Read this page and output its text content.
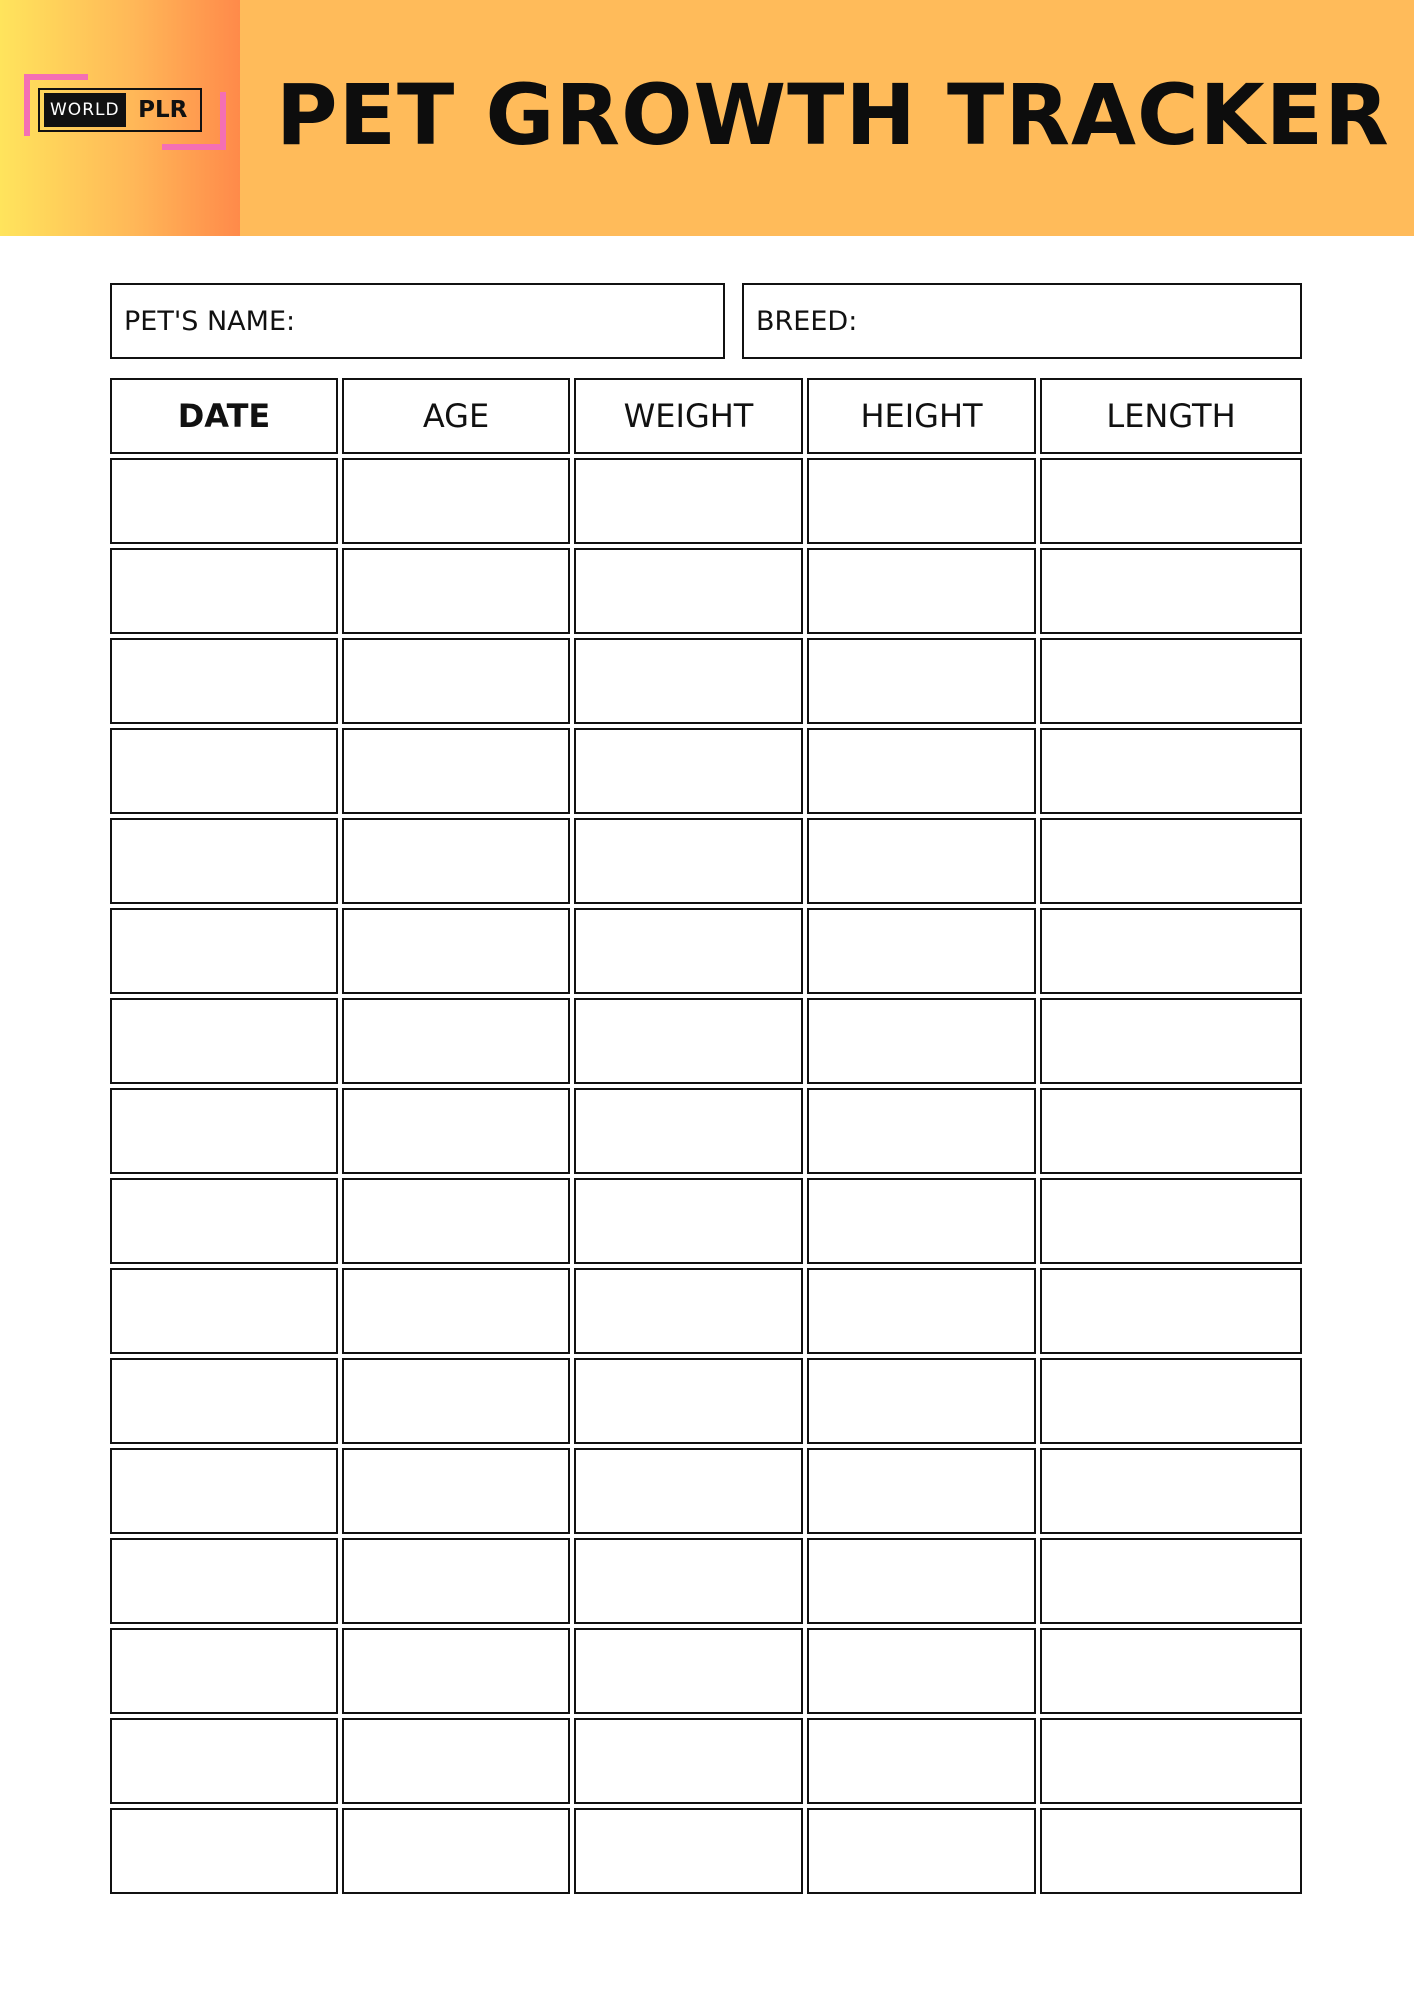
WORLD PLR PET GROWTH TRACKER
PET'S NAME:	BREED:
DATE	AGE	WEIGHT	HEIGHT	LENGTH
